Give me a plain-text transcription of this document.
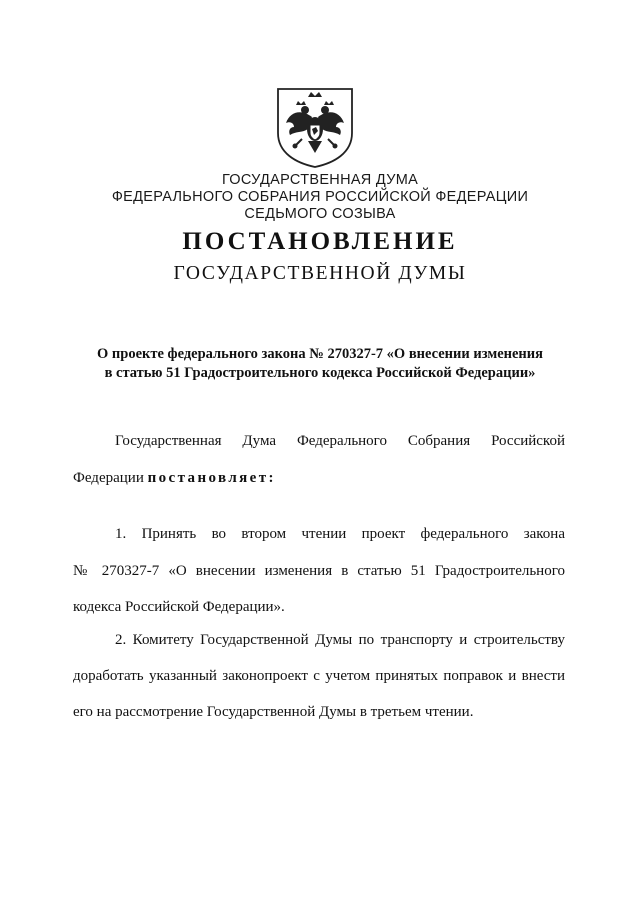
ГОСУДАРСТВЕННАЯ ДУМА
ФЕДЕРАЛЬНОГО СОБРАНИЯ РОССИЙСКОЙ ФЕДЕРАЦИИ
СЕДЬМОГО СОЗЫВА
ПОСТАНОВЛЕНИЕ
ГОСУДАРСТВЕННОЙ ДУМЫ
О проекте федерального закона № 270327-7 «О внесении изменения
в статью 51 Градостроительного кодекса Российской Федерации»
Государственная Дума Федерального Собрания Российской
Федерации постановляет:
1. Принять во втором чтении проект федерального закона
№ 270327-7 «О внесении изменения в статью 51 Градостроительного
кодекса Российской Федерации».
2. Комитету Государственной Думы по транспорту и строительству
доработать указанный законопроект с учетом принятых поправок и внести
его на рассмотрение Государственной Думы в третьем чтении.
